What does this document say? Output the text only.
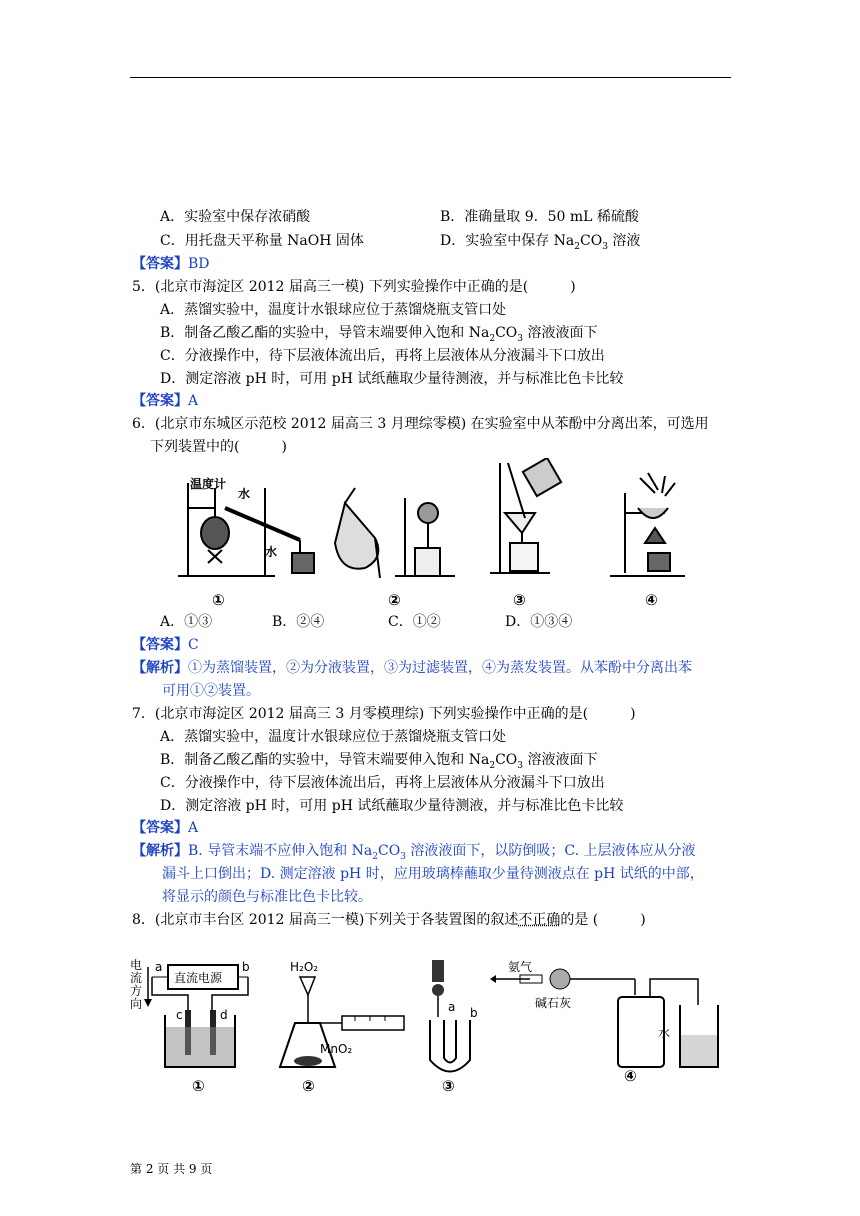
A．实验室中保存浓硝酸	B．准确量取 9．50 mL 稀硫酸
C．用托盘天平称量 NaOH 固体	D．实验室中保存 $Na_2CO_3$ 溶液
【答案】BD
5．(北京市海淀区 2012 届高三一模) 下列实验操作中正确的是(　　　)
A．蒸馏实验中，温度计水银球应位于蒸馏烧瓶支管口处
B．制备乙酸乙酯的实验中，导管末端要伸入饱和 $Na_2CO_3$ 溶液液面下
C．分液操作中，待下层液体流出后，再将上层液体从分液漏斗下口放出
D．测定溶液 pH 时，可用 pH 试纸蘸取少量待测液，并与标准比色卡比较
【答案】A
6．(北京市东城区示范校 2012 届高三 3 月理综零模) 在实验室中从苯酚中分离出苯，可选用
下列装置中的(　　　)
温度计
水
水
①	②	③	④
A．①③	B．②④	C．①②	D．①③④
【答案】C
【解析】①为蒸馏装置，②为分液装置，③为过滤装置，④为蒸发装置。从苯酚中分离出苯
可用①②装置。
7．(北京市海淀区 2012 届高三 3 月零模理综) 下列实验操作中正确的是(　　　)
A．蒸馏实验中，温度计水银球应位于蒸馏烧瓶支管口处
B．制备乙酸乙酯的实验中，导管末端要伸入饱和 $Na_2CO_3$ 溶液液面下
C．分液操作中，待下层液体流出后，再将上层液体从分液漏斗下口放出
D．测定溶液 pH 时，可用 pH 试纸蘸取少量待测液，并与标准比色卡比较
【答案】A
【解析】B. 导管末端不应伸入饱和 $Na_2CO_3$ 溶液液面下，以防倒吸；C. 上层液体应从分液
漏斗上口倒出；D. 测定溶液 pH 时，应用玻璃棒蘸取少量待测液点在 pH 试纸的中部，
将显示的颜色与标准比色卡比较。
8．(北京市丰台区 2012 届高三一模)下列关于各装置图的叙述不正确的是 (　　　)
电
流
方
向
直流电源
a	b
c	d
①
H₂O₂
MnO₂
②
a b
③
氨气
碱石灰
水
④
第 2 页 共 9 页
